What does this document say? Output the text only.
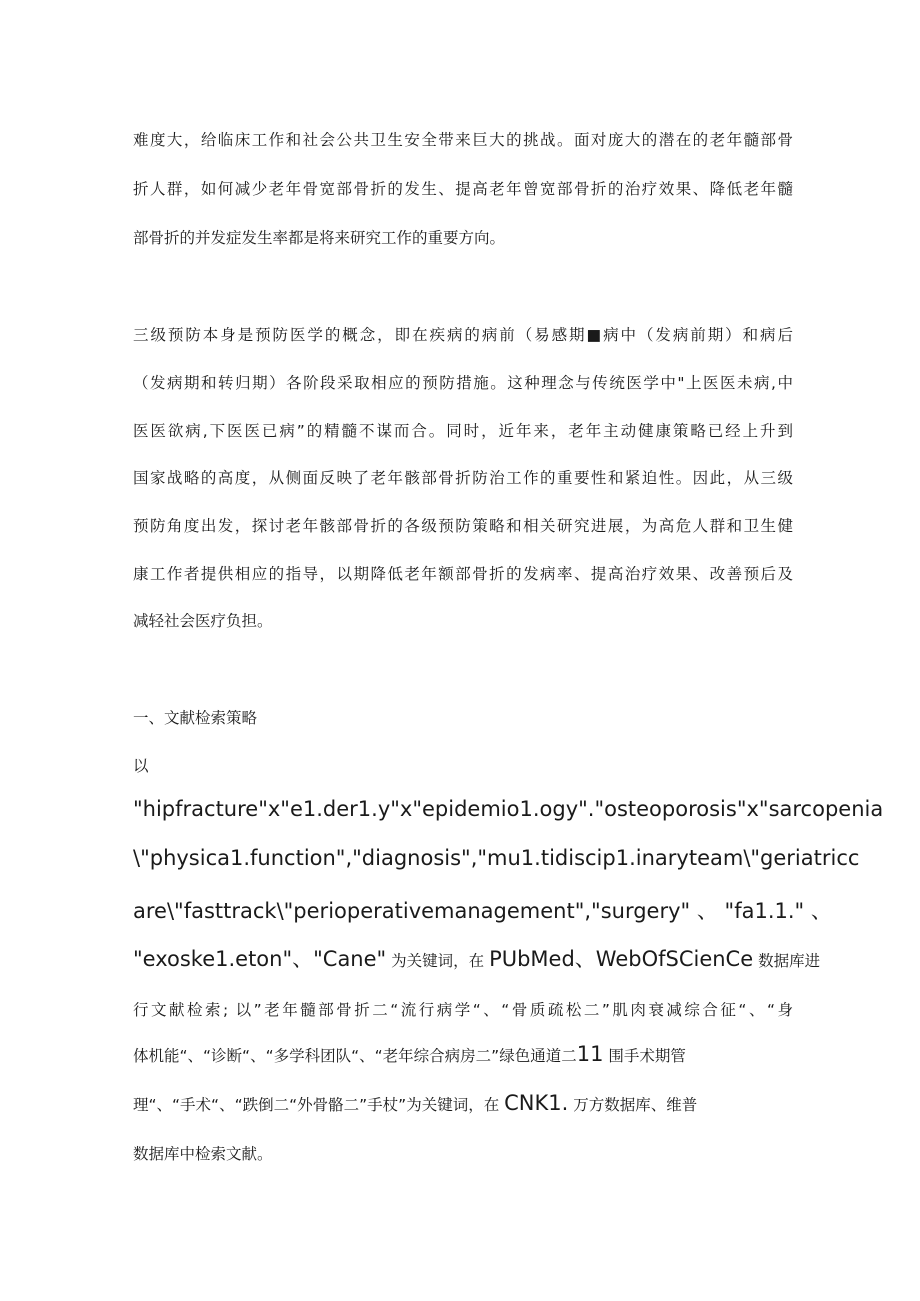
难度大，给临床工作和社会公共卫生安全带来巨大的挑战。面对庞大的潜在的老年髓部骨
折人群，如何减少老年骨宽部骨折的发生、提高老年曾宽部骨折的治疗效果、降低老年髓
部骨折的并发症发生率都是将来研究工作的重要方向。
三级预防本身是预防医学的概念，即在疾病的病前（易感期■病中（发病前期）和病后
（发病期和转归期）各阶段采取相应的预防措施。这种理念与传统医学中"上医医未病,中
医医欲病,下医医已病”的精髓不谋而合。同时，近年来，老年主动健康策略已经上升到
国家战略的高度，从侧面反映了老年骸部骨折防治工作的重要性和紧迫性。因此，从三级
预防角度出发，探讨老年骸部骨折的各级预防策略和相关研究进展，为高危人群和卫生健
康工作者提供相应的指导，以期降低老年额部骨折的发病率、提高治疗效果、改善预后及
减轻社会医疗负担。
一、文献检索策略
以
"hipfracture"x"e1.der1.y"x"epidemio1.ogy"."osteoporosis"x"sarcopenia
\"physica1.function","diagnosis","mu1.tidiscip1.inaryteam\"geriatricc
are\"fasttrack\"perioperativemanagement","surgery" 、 "fa1.1." 、
"exoske1.eton"、"Cane" 为关键词，在 PUbMed、WebOfSCienCe 数据库进
行文献检索; 以”老年髓部骨折二“流行病学“、“骨质疏松二”肌肉衰减综合征“、“身
体机能“、“诊断“、“多学科团队“、“老年综合病房二”绿色通道二11 围手术期管
理“、“手术“、“跌倒二“外骨骼二”手杖”为关键词，在 CNK1. 万方数据库、维普
数据库中检索文献。
